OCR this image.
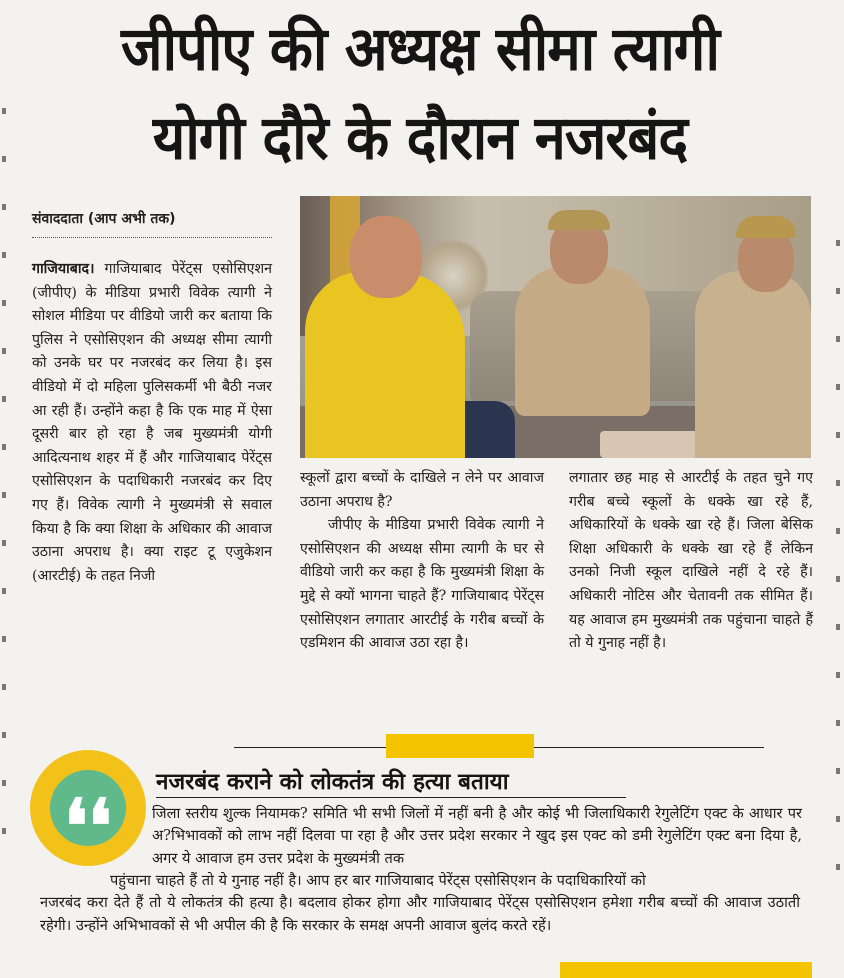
जीपीए की अध्यक्ष सीमा त्यागी
योगी दौरे के दौरान नजरबंद
संवाददाता (आप अभी तक)
गाजियाबाद। गाजियाबाद पेरेंट्स एसोसिएशन (जीपीए) के मीडिया प्रभारी विवेक त्यागी ने सोशल मीडिया पर वीडियो जारी कर बताया कि पुलिस ने एसोसिएशन की अध्यक्ष सीमा त्यागी को उनके घर पर नजरबंद कर लिया है। इस वीडियो में दो महिला पुलिसकर्मी भी बैठी नजर आ रही हैं। उन्होंने कहा है कि एक माह में ऐसा दूसरी बार हो रहा है जब मुख्यमंत्री योगी आदित्यनाथ शहर में हैं और गाजियाबाद पेरेंट्स एसोसिएशन के पदाधिकारी नजरबंद कर दिए गए हैं। विवेक त्यागी ने मुख्यमंत्री से सवाल किया है कि क्या शिक्षा के अधिकार की आवाज उठाना अपराध है। क्या राइट टू एजुकेशन (आरटीई) के तहत निजी
स्कूलों द्वारा बच्चों के दाखिले न लेने पर आवाज उठाना अपराध है?
जीपीए के मीडिया प्रभारी विवेक त्यागी ने एसोसिएशन की अध्यक्ष सीमा त्यागी के घर से वीडियो जारी कर कहा है कि मुख्यमंत्री शिक्षा के मुद्दे से क्यों भागना चाहते हैं? गाजियाबाद पेरेंट्स एसोसिएशन लगातार आरटीई के गरीब बच्चों के एडमिशन की आवाज उठा रहा है।
लगातार छह माह से आरटीई के तहत चुने गए गरीब बच्चे स्कूलों के धक्के खा रहे हैं, अधिकारियों के धक्के खा रहे हैं। जिला बेसिक शिक्षा अधिकारी के धक्के खा रहे हैं लेकिन उनको निजी स्कूल दाखिले नहीं दे रहे हैं। अधिकारी नोटिस और चेतावनी तक सीमित हैं। यह आवाज हम मुख्यमंत्री तक पहुंचाना चाहते हैं तो ये गुनाह नहीं है।
❛❛
नजरबंद कराने को लोकतंत्र की हत्या बताया
जिला स्तरीय शुल्क नियामक? समिति भी सभी जिलों में नहीं बनी है और कोई भी जिलाधिकारी रेगुलेटिंग एक्ट के आधार पर अ?भिभावकों को लाभ नहीं दिलवा पा रहा है और उत्तर प्रदेश सरकार ने खुद इस एक्ट को डमी रेगुलेटिंग एक्ट बना दिया है, अगर ये आवाज हम उत्तर प्रदेश के मुख्यमंत्री तक
पहुंचाना चाहते हैं तो ये गुनाह नहीं है। आप हर बार गाजियाबाद पेरेंट्स एसोसिएशन के पदाधिकारियों को
नजरबंद करा देते हैं तो ये लोकतंत्र की हत्या है। बदलाव होकर होगा और गाजियाबाद पेरेंट्स एसोसिएशन हमेशा गरीब बच्चों की आवाज उठाती रहेगी। उन्होंने अभिभावकों से भी अपील की है कि सरकार के समक्ष अपनी आवाज बुलंद करते रहें।
